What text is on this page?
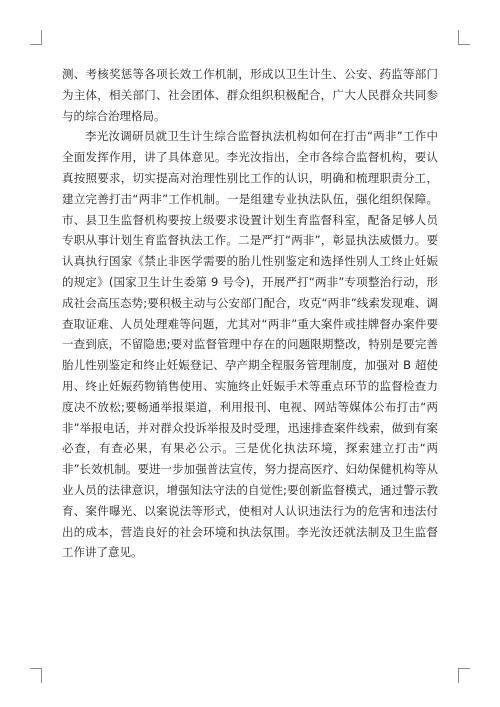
测、考核奖惩等各项长效工作机制，形成以卫生计生、公安、药监等部门为主体，相关部门、社会团体、群众组织积极配合，广大人民群众共同参与的综合治理格局。

李光汝调研员就卫生计生综合监督执法机构如何在打击“两非”工作中全面发挥作用，讲了具体意见。李光汝指出，全市各综合监督机构，要认真按照要求，切实提高对治理性别比工作的认识，明确和梳理职责分工，建立完善打击“两非”工作机制。一是组建专业执法队伍，强化组织保障。市、县卫生监督机构要按上级要求设置计划生育监督科室，配备足够人员专职从事计划生育监督执法工作。二是严打“两非”，彰显执法威慑力。要认真执行国家《禁止非医学需要的胎儿性别鉴定和选择性别人工终止妊娠的规定》(国家卫生计生委第 9 号令)，开展严打“两非”专项整治行动，形成社会高压态势;要积极主动与公安部门配合，攻克“两非”线索发现难、调查取证难、人员处理难等问题，尤其对“两非”重大案件或挂牌督办案件要一查到底，不留隐患;要对监督管理中存在的问题限期整改，特别是要完善胎儿性别鉴定和终止妊娠登记、孕产期全程服务管理制度，加强对 B 超使用、终止妊娠药物销售使用、实施终止妊娠手术等重点环节的监督检查力度决不放松;要畅通举报渠道，利用报刊、电视、网站等媒体公布打击“两非”举报电话，并对群众投诉举报及时受理，迅速排查案件线索，做到有案必查，有查必果，有果必公示。三是优化执法环境，探索建立打击“两非”长效机制。要进一步加强普法宣传，努力提高医疗、妇幼保健机构等从业人员的法律意识，增强知法守法的自觉性;要创新监督模式，通过警示教育、案件曝光、以案说法等形式，使相对人认识违法行为的危害和违法付出的成本，营造良好的社会环境和执法氛围。李光汝还就法制及卫生监督工作讲了意见。
